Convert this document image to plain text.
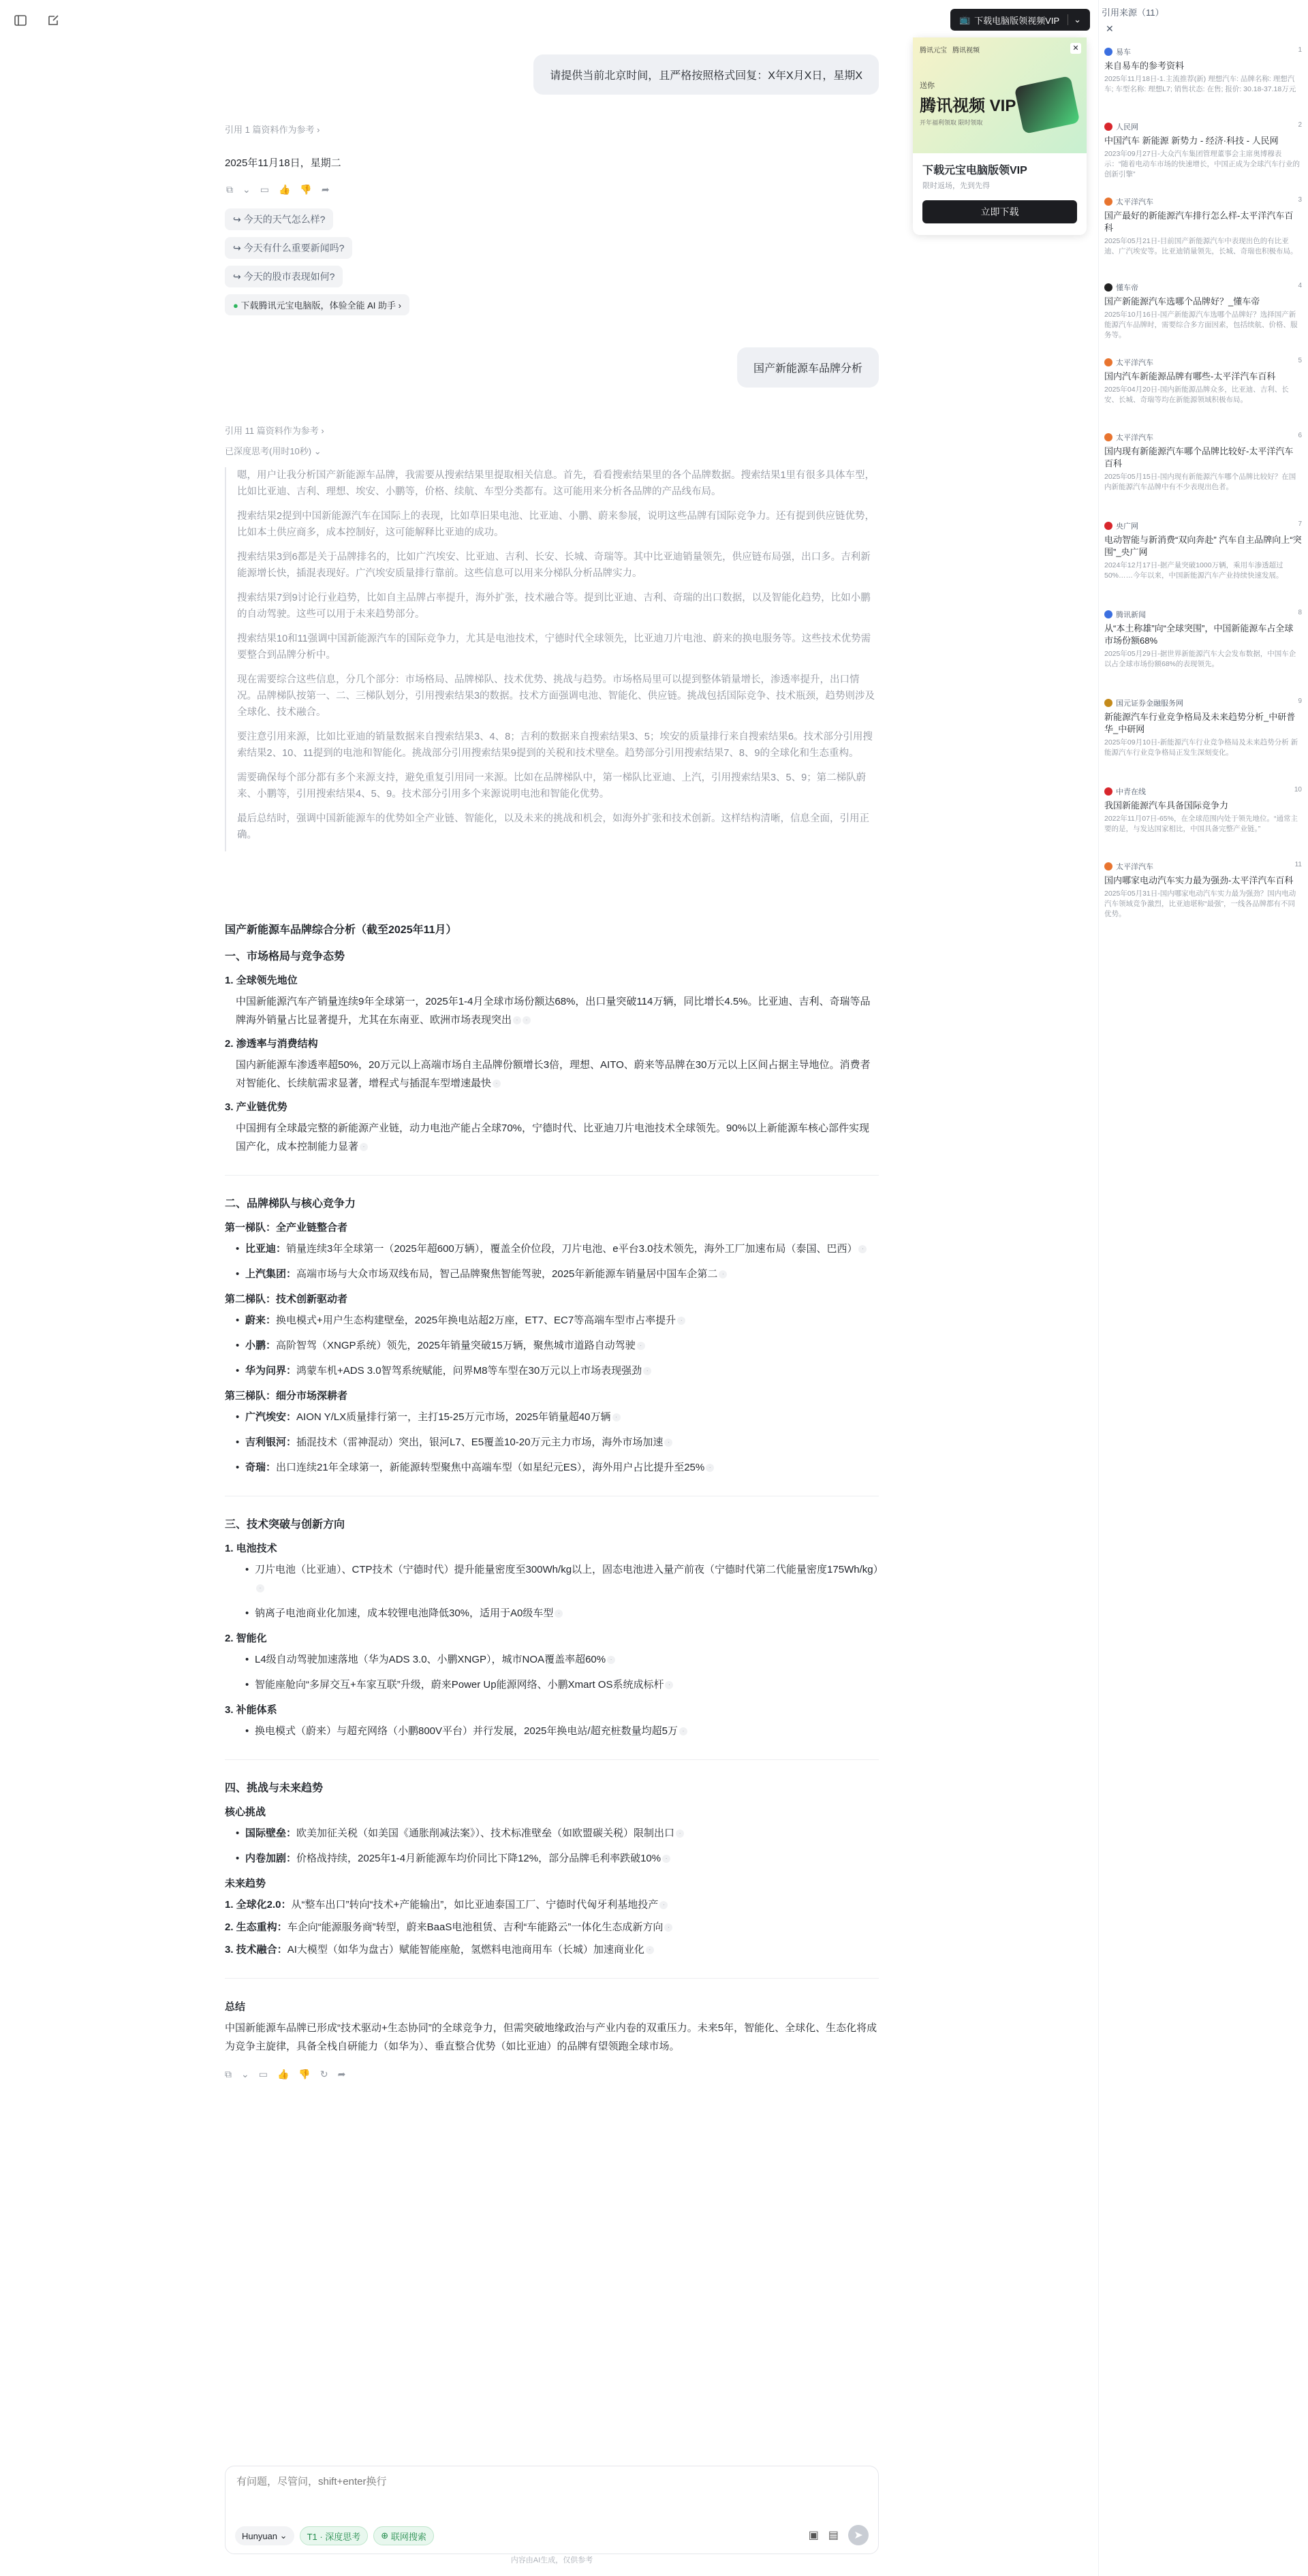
📺 下载电脑版领视频VIP	⌄
腾讯元宝 腾讯视频	✕
送你
腾讯视频 VIP
开年福利领取 限时领取
下载元宝电脑版领VIP
限时返场，先到先得
立即下载
请提供当前北京时间，且严格按照格式回复：X年X月X日，星期X
引用 1 篇资料作为参考 ›
2025年11月18日，星期二
⧉ ⌄ ▭ 👍 👎 ➦
↪ 今天的天气怎么样?
↪ 今天有什么重要新闻吗?
↪ 今天的股市表现如何?
● 下载腾讯元宝电脑版，体验全能 AI 助手 ›
国产新能源车品牌分析
引用 11 篇资料作为参考 ›
已深度思考(用时10秒) ⌄

嗯，用户让我分析国产新能源车品牌，我需要从搜索结果里提取相关信息。首先，看看搜索结果里的各个品牌数据。搜索结果1里有很多具体车型，比如比亚迪、吉利、理想、埃安、小鹏等，价格、续航、车型分类都有。这可能用来分析各品牌的产品线布局。

搜索结果2提到中国新能源汽车在国际上的表现，比如草旧果电池、比亚迪、小鹏、蔚来参展，说明这些品牌有国际竞争力。还有提到供应链优势，比如本土供应商多，成本控制好，这可能解释比亚迪的成功。

搜索结果3到6都是关于品牌排名的，比如广汽埃安、比亚迪、吉利、长安、长城、奇瑞等。其中比亚迪销量领先，供应链布局强，出口多。吉利新能源增长快，插混表现好。广汽埃安质量排行靠前。这些信息可以用来分梯队分析品牌实力。

搜索结果7到9讨论行业趋势，比如自主品牌占率提升，海外扩张，技术融合等。提到比亚迪、吉利、奇瑞的出口数据，以及智能化趋势，比如小鹏的自动驾驶。这些可以用于未来趋势部分。

搜索结果10和11强调中国新能源汽车的国际竞争力，尤其是电池技术，宁德时代全球领先，比亚迪刀片电池、蔚来的换电服务等。这些技术优势需要整合到品牌分析中。

现在需要综合这些信息，分几个部分：市场格局、品牌梯队、技术优势、挑战与趋势。市场格局里可以提到整体销量增长，渗透率提升，出口情况。品牌梯队按第一、二、三梯队划分，引用搜索结果3的数据。技术方面强调电池、智能化、供应链。挑战包括国际竞争、技术瓶颈，趋势则涉及全球化、技术融合。

要注意引用来源，比如比亚迪的销量数据来自搜索结果3、4、8；吉利的数据来自搜索结果3、5；埃安的质量排行来自搜索结果6。技术部分引用搜索结果2、10、11提到的电池和智能化。挑战部分引用搜索结果9提到的关税和技术壁垒。趋势部分引用搜索结果7、8、9的全球化和生态重构。

需要确保每个部分都有多个来源支持，避免重复引用同一来源。比如在品牌梯队中，第一梯队比亚迪、上汽，引用搜索结果3、5、9；第二梯队蔚来、小鹏等，引用搜索结果4、5、9。技术部分引用多个来源说明电池和智能化优势。

最后总结时，强调中国新能源车的优势如全产业链、智能化，以及未来的挑战和机会，如海外扩张和技术创新。这样结构清晰，信息全面，引用正确。

国产新能源车品牌综合分析（截至2025年11月）
一、市场格局与竞争态势
1. 全球领先地位

中国新能源汽车产销量连续9年全球第一，2025年1-4月全球市场份额达68%，出口量突破114万辆，同比增长4.5%。比亚迪、吉利、奇瑞等品牌海外销量占比显著提升，尤其在东南亚、欧洲市场表现突出 · ·

2. 渗透率与消费结构

国内新能源车渗透率超50%，20万元以上高端市场自主品牌份额增长3倍，理想、AITO、蔚来等品牌在30万元以上区间占据主导地位。消费者对智能化、长续航需求显著，增程式与插混车型增速最快 ·

3. 产业链优势

中国拥有全球最完整的新能源产业链，动力电池产能占全球70%，宁德时代、比亚迪刀片电池技术全球领先。90%以上新能源车核心部件实现国产化，成本控制能力显著 ·

二、品牌梯队与核心竞争力
第一梯队：全产业链整合者
• 比亚迪：销量连续3年全球第一（2025年超600万辆），覆盖全价位段，刀片电池、e平台3.0技术领先，海外工厂加速布局（泰国、巴西） ·
• 上汽集团：高端市场与大众市场双线布局，智己品牌聚焦智能驾驶，2025年新能源车销量居中国车企第二 ·
第二梯队：技术创新驱动者
• 蔚来：换电模式+用户生态构建壁垒，2025年换电站超2万座，ET7、EC7等高端车型市占率提升 ·
• 小鹏：高阶智驾（XNGP系统）领先，2025年销量突破15万辆，聚焦城市道路自动驾驶 ·
• 华为问界：鸿蒙车机+ADS 3.0智驾系统赋能，问界M8等车型在30万元以上市场表现强劲 ·
第三梯队：细分市场深耕者
• 广汽埃安：AION Y/LX质量排行第一，主打15-25万元市场，2025年销量超40万辆 ·
• 吉利银河：插混技术（雷神混动）突出，银河L7、E5覆盖10-20万元主力市场，海外市场加速 ·
• 奇瑞：出口连续21年全球第一，新能源转型聚焦中高端车型（如星纪元ES），海外用户占比提升至25% ·
三、技术突破与创新方向
1. 电池技术
• 刀片电池（比亚迪）、CTP技术（宁德时代）提升能量密度至300Wh/kg以上，固态电池进入量产前夜（宁德时代第二代能量密度175Wh/kg）·
• 钠离子电池商业化加速，成本较锂电池降低30%，适用于A0级车型 ·
2. 智能化
• L4级自动驾驶加速落地（华为ADS 3.0、小鹏XNGP），城市NOA覆盖率超60% ·
• 智能座舱向“多屏交互+车家互联”升级，蔚来Power Up能源网络、小鹏Xmart OS系统成标杆 ·
3. 补能体系
• 换电模式（蔚来）与超充网络（小鹏800V平台）并行发展，2025年换电站/超充桩数量均超5万 ·
四、挑战与未来趋势
核心挑战
• 国际壁垒：欧美加征关税（如美国《通胀削减法案》）、技术标准壁垒（如欧盟碳关税）限制出口 ·
• 内卷加剧：价格战持续，2025年1-4月新能源车均价同比下降12%，部分品牌毛利率跌破10% ·
未来趋势

1. 全球化2.0：从“整车出口”转向“技术+产能输出”，如比亚迪泰国工厂、宁德时代匈牙利基地投产 ·

2. 生态重构：车企向“能源服务商”转型，蔚来BaaS电池租赁、吉利“车能路云”一体化生态成新方向 ·

3. 技术融合：AI大模型（如华为盘古）赋能智能座舱，氢燃料电池商用车（长城）加速商业化 ·

总结

中国新能源车品牌已形成“技术驱动+生态协同”的全球竞争力，但需突破地缘政治与产业内卷的双重压力。未来5年，智能化、全球化、生态化将成为竞争主旋律，具备全栈自研能力（如华为）、垂直整合优势（如比亚迪）的品牌有望领跑全球市场。

⧉ ⌄ ▭ 👍 👎 ↻ ➦
有问题，尽管问，shift+enter换行
Hunyuan ⌄	T1 · 深度思考 ⊕
联网搜索	▣ ▤	➤
内容由AI生成，仅供参考
引用来源（11）
✕
易车	1
来自易车的参考资料
2025年11月18日-1.主流推荐(新) 理想汽车: 品牌名称: 理想汽车; 车型名称: 理想L7; 销售状态: 在售; 报价: 30.18-37.18万元
人民网	2
中国汽车 新能源 新势力 - 经济·科技 - 人民网
2023年09月27日-大众汽车集团管理董事会主席奥博穆表示：“随着电动车市场的快速增长，中国正成为全球汽车行业的创新引擎”
太平洋汽车	3
国产最好的新能源汽车排行怎么样-太平洋汽车百科
2025年05月21日-目前国产新能源汽车中表现出色的有比亚迪、广汽埃安等。比亚迪销量领先，长城、奇瑞也积极布局。
懂车帝	4
国产新能源汽车选哪个品牌好？_懂车帝
2025年10月16日-国产新能源汽车选哪个品牌好？选择国产新能源汽车品牌时，需要综合多方面因素，包括续航、价格、服务等。
太平洋汽车	5
国内汽车新能源品牌有哪些-太平洋汽车百科
2025年04月20日-国内新能源品牌众多，比亚迪、吉利、长安、长城、奇瑞等均在新能源领域积极布局。
太平洋汽车	6
国内现有新能源汽车哪个品牌比较好-太平洋汽车百科
2025年05月15日-国内现有新能源汽车哪个品牌比较好？在国内新能源汽车品牌中有不少表现出色者。
央广网	7
电动智能与新消费“双向奔赴” 汽车自主品牌向上“突围”_央广网
2024年12月17日-据产量突破1000万辆，乘用车渗透超过50%……今年以来，中国新能源汽车产业持续快速发展。
腾讯新闻	8
从“本土称雄”向“全球突围”，中国新能源车占全球市场份额68%
2025年05月29日-据世界新能源汽车大会发布数据，中国车企以占全球市场份额68%的表现领先。
国元证券金融服务网	9
新能源汽车行业竞争格局及未来趋势分析_中研普华_中研网
2025年09月10日-新能源汽车行业竞争格局及未来趋势分析 新能源汽车行业竞争格局正发生深刻变化。
中青在线	10
我国新能源汽车具备国际竞争力
2022年11月07日-65%，在全球范围内处于领先地位。“通常主要的是，与发达国家相比，中国具备完整产业链。”
太平洋汽车	11
国内哪家电动汽车实力最为强劲-太平洋汽车百科
2025年05月31日-国内哪家电动汽车实力最为强劲？国内电动汽车领域竞争激烈，比亚迪堪称“最强”，一线各品牌都有不同优势。
